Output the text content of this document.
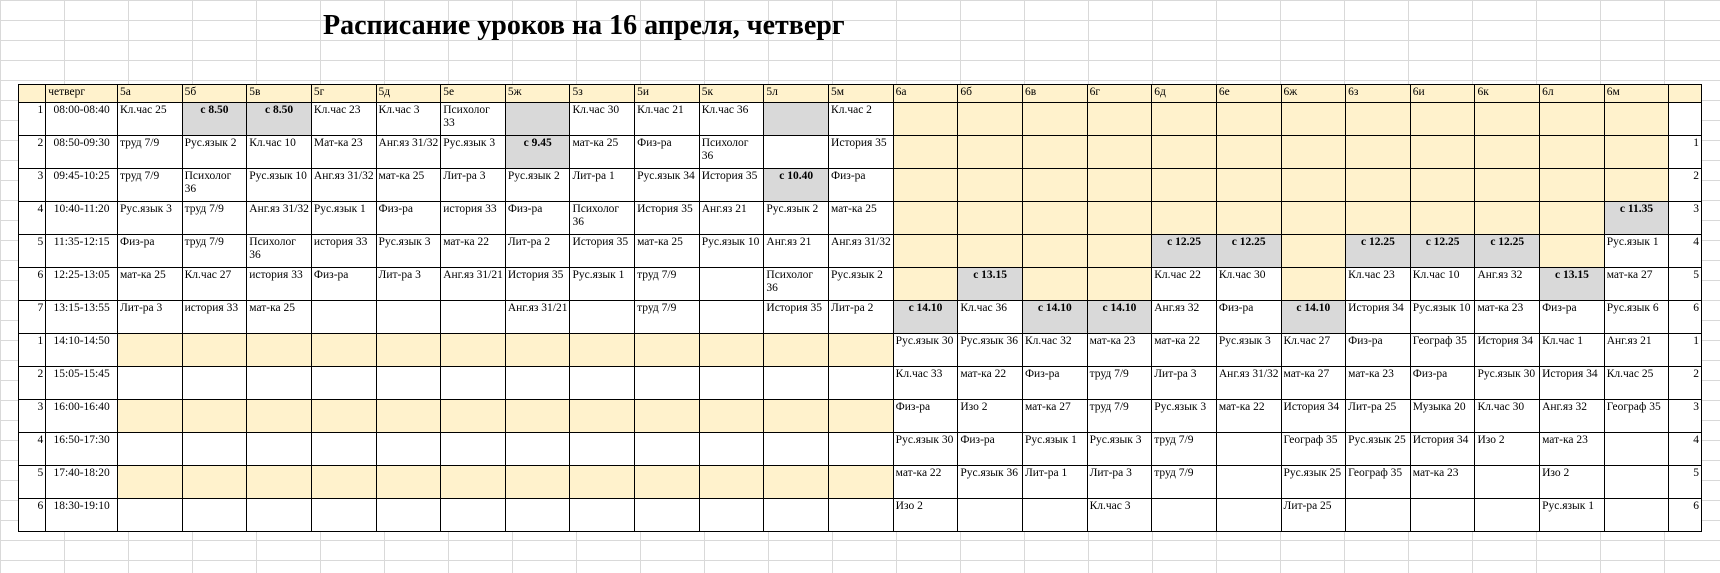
Расписание уроков на 16 апреля, четверг
	четверг	5а	5б	5в	5г	5д	5е	5ж	5з	5и	5к	5л	5м	6а	6б	6в	6г	6д	6е	6ж	6з	6и	6к	6л	6м	
1	08:00-08:40	Кл.час 25	с 8.50	с 8.50	Кл.час 23	Кл.час 3	Психолог 33		Кл.час 30	Кл.час 21	Кл.час 36		Кл.час 2													
2	08:50-09:30	труд 7/9	Рус.язык 2	Кл.час 10	Мат-ка 23	Анг.яз 31/32	Рус.язык 3	с 9.45	мат-ка 25	Физ-ра	Психолог 36		История 35													1
3	09:45-10:25	труд 7/9	Психолог 36	Рус.язык 10	Анг.яз 31/32	мат-ка 25	Лит-ра 3	Рус.язык 2	Лит-ра 1	Рус.язык 34	История 35	с 10.40	Физ-ра													2
4	10:40-11:20	Рус.язык 3	труд 7/9	Анг.яз 31/32	Рус.язык 1	Физ-ра	история 33	Физ-ра	Психолог 36	История 35	Анг.яз 21	Рус.язык 2	мат-ка 25												с 11.35	3
5	11:35-12:15	Физ-ра	труд 7/9	Психолог 36	история 33	Рус.язык 3	мат-ка 22	Лит-ра 2	История 35	мат-ка 25	Рус.язык 10	Анг.яз 21	Анг.яз 31/32					с 12.25	с 12.25		с 12.25	с 12.25	с 12.25		Рус.язык 1	4
6	12:25-13:05	мат-ка 25	Кл.час 27	история 33	Физ-ра	Лит-ра 3	Анг.яз 31/21	История 35	Рус.язык 1	труд 7/9		Психолог 36	Рус.язык 2		с 13.15			Кл.час 22	Кл.час 30		Кл.час 23	Кл.час 10	Анг.яз 32	с 13.15	мат-ка 27	5
7	13:15-13:55	Лит-ра 3	история 33	мат-ка 25				Анг.яз 31/21		труд 7/9		История 35	Лит-ра 2	с 14.10	Кл.час 36	с 14.10	с 14.10	Анг.яз 32	Физ-ра	с 14.10	История 34	Рус.язык 10	мат-ка 23	Физ-ра	Рус.язык 6	6
1	14:10-14:50													Рус.язык 30	Рус.язык 36	Кл.час 32	мат-ка 23	мат-ка 22	Рус.язык 3	Кл.час 27	Физ-ра	Географ 35	История 34	Кл.час 1	Анг.яз 21	1
2	15:05-15:45													Кл.час 33	мат-ка 22	Физ-ра	труд 7/9	Лит-ра 3	Анг.яз 31/32	мат-ка 27	мат-ка 23	Физ-ра	Рус.язык 30	История 34	Кл.час 25	2
3	16:00-16:40													Физ-ра	Изо 2	мат-ка 27	труд 7/9	Рус.язык 3	мат-ка 22	История 34	Лит-ра 25	Музыка 20	Кл.час 30	Анг.яз 32	Географ 35	3
4	16:50-17:30													Рус.язык 30	Физ-ра	Рус.язык 1	Рус.язык 3	труд 7/9		Географ 35	Рус.язык 25	История 34	Изо 2	мат-ка 23		4
5	17:40-18:20													мат-ка 22	Рус.язык 36	Лит-ра 1	Лит-ра 3	труд 7/9		Рус.язык 25	Географ 35	мат-ка 23		Изо 2		5
6	18:30-19:10													Изо 2			Кл.час 3			Лит-ра 25				Рус.язык 1		6
